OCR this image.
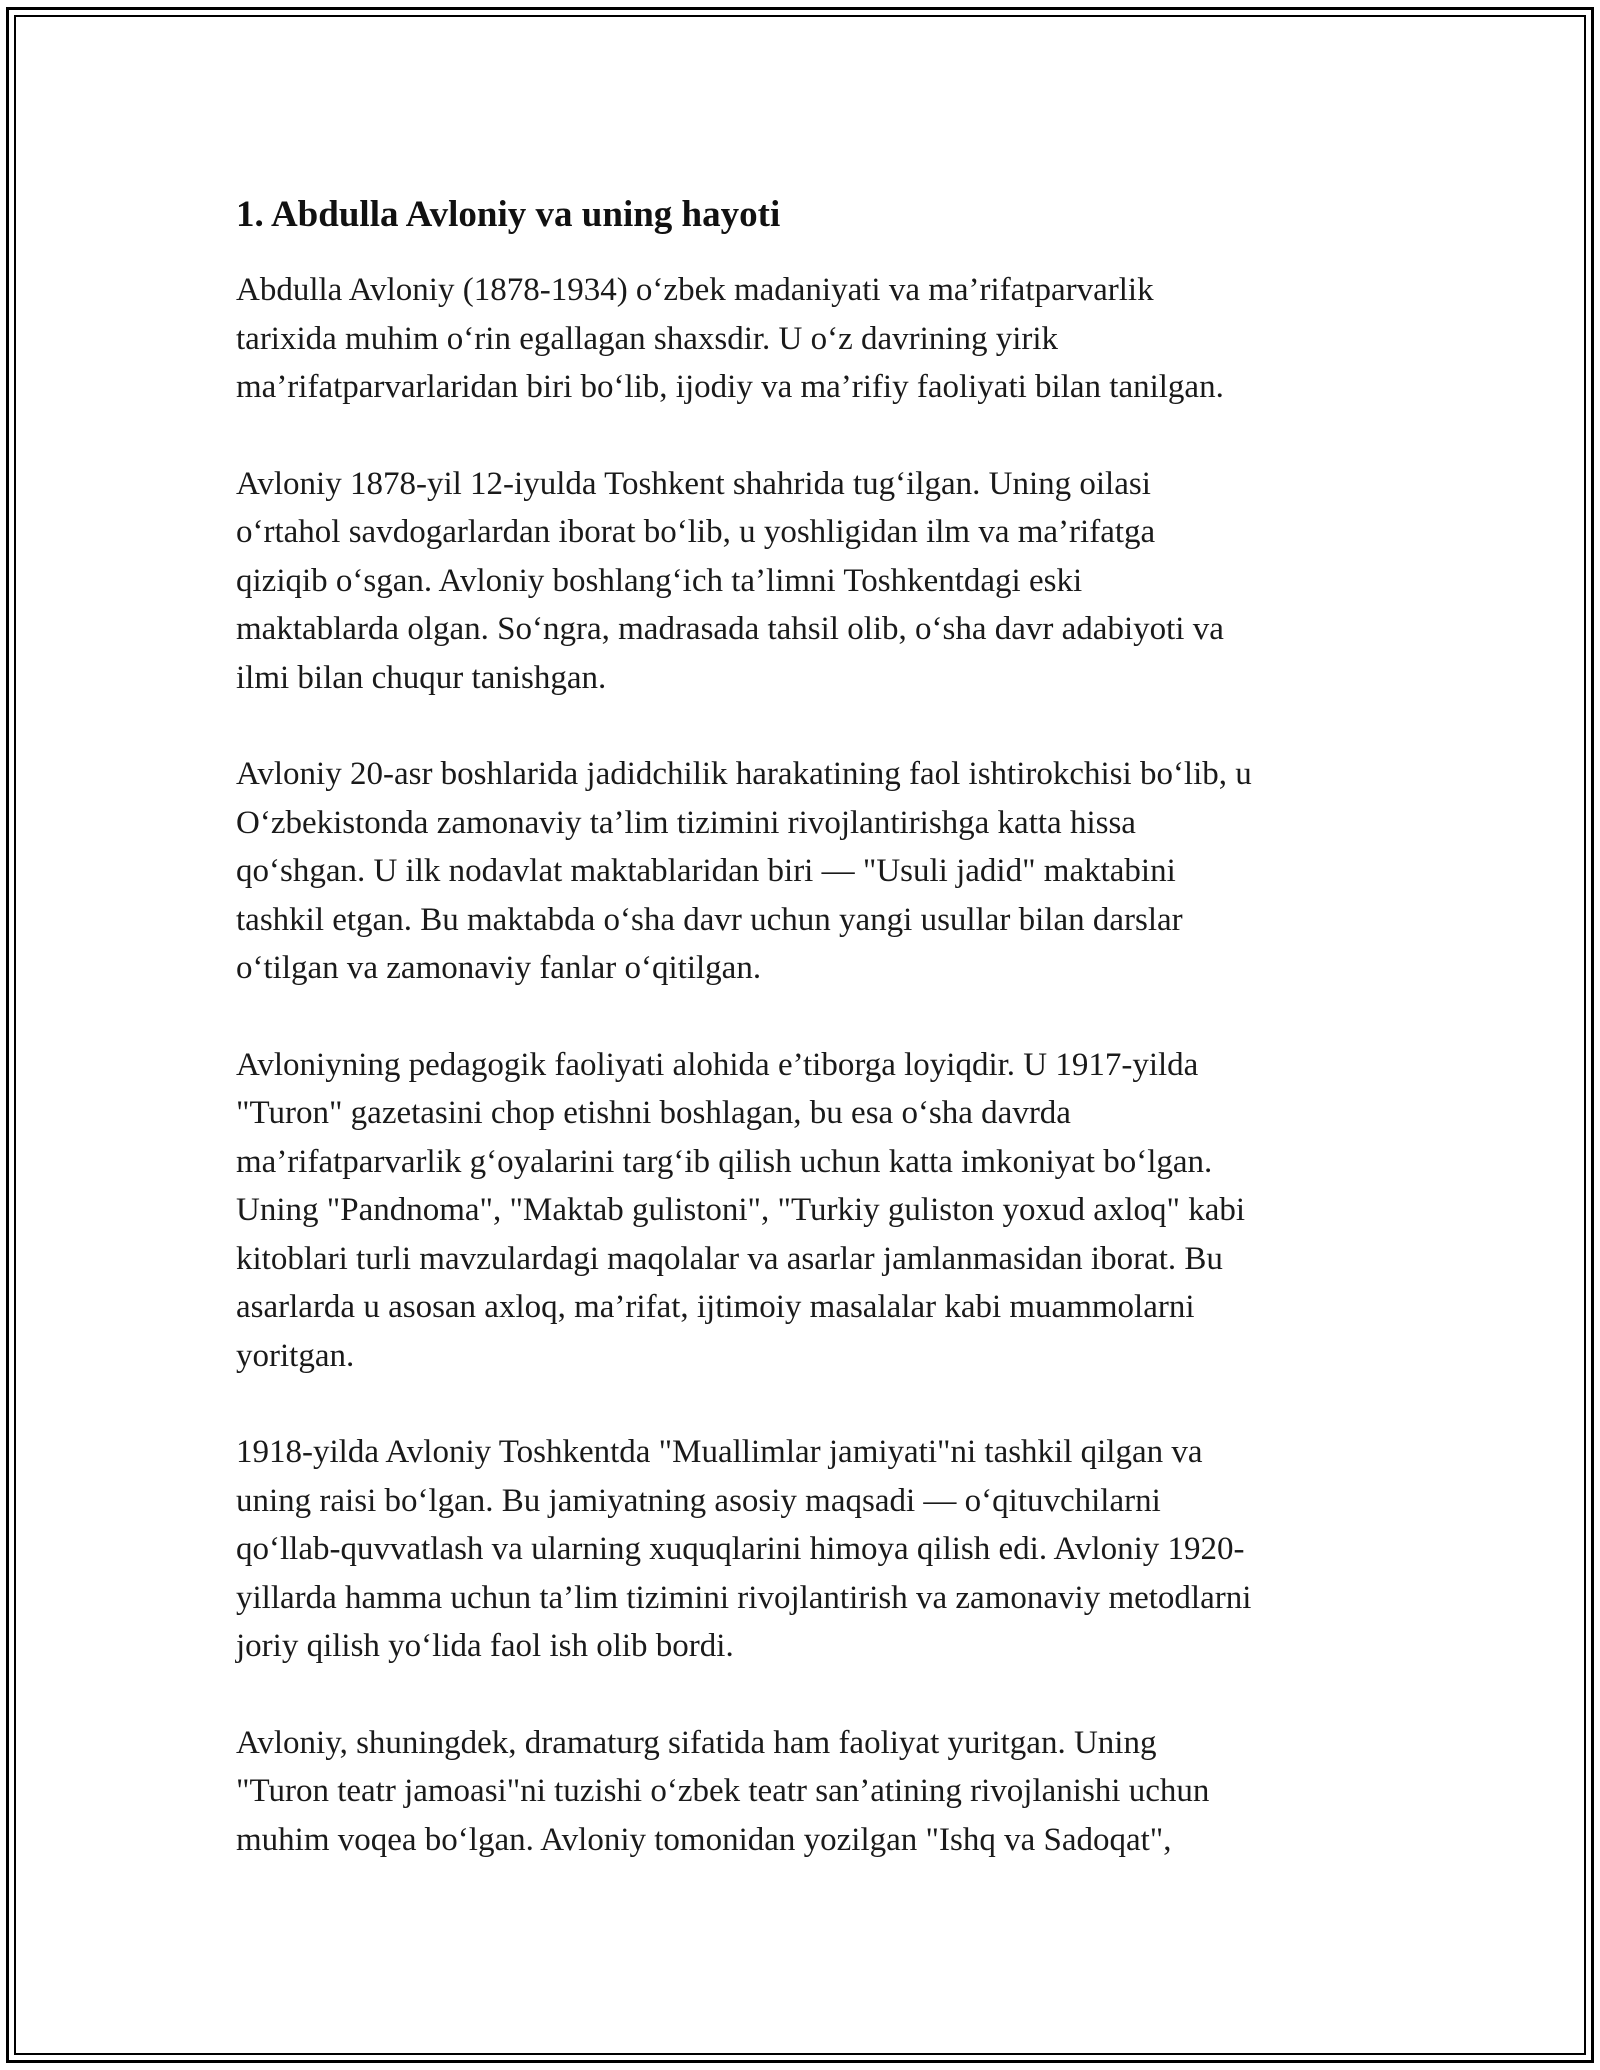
1. Abdulla Avloniy va uning hayoti

Abdulla Avloniy (1878-1934) o‘zbek madaniyati va ma’rifatparvarlik
tarixida muhim o‘rin egallagan shaxsdir. U o‘z davrining yirik
ma’rifatparvarlaridan biri bo‘lib, ijodiy va ma’rifiy faoliyati bilan tanilgan.

Avloniy 1878-yil 12-iyulda Toshkent shahrida tug‘ilgan. Uning oilasi
o‘rtahol savdogarlardan iborat bo‘lib, u yoshligidan ilm va ma’rifatga
qiziqib o‘sgan. Avloniy boshlang‘ich ta’limni Toshkentdagi eski
maktablarda olgan. So‘ngra, madrasada tahsil olib, o‘sha davr adabiyoti va
ilmi bilan chuqur tanishgan.

Avloniy 20-asr boshlarida jadidchilik harakatining faol ishtirokchisi bo‘lib, u
O‘zbekistonda zamonaviy ta’lim tizimini rivojlantirishga katta hissa
qo‘shgan. U ilk nodavlat maktablaridan biri — "Usuli jadid" maktabini
tashkil etgan. Bu maktabda o‘sha davr uchun yangi usullar bilan darslar
o‘tilgan va zamonaviy fanlar o‘qitilgan.

Avloniyning pedagogik faoliyati alohida e’tiborga loyiqdir. U 1917-yilda
"Turon" gazetasini chop etishni boshlagan, bu esa o‘sha davrda
ma’rifatparvarlik g‘oyalarini targ‘ib qilish uchun katta imkoniyat bo‘lgan.
Uning "Pandnoma", "Maktab gulistoni", "Turkiy guliston yoxud axloq" kabi
kitoblari turli mavzulardagi maqolalar va asarlar jamlanmasidan iborat. Bu
asarlarda u asosan axloq, ma’rifat, ijtimoiy masalalar kabi muammolarni
yoritgan.

1918-yilda Avloniy Toshkentda "Muallimlar jamiyati"ni tashkil qilgan va
uning raisi bo‘lgan. Bu jamiyatning asosiy maqsadi — o‘qituvchilarni
qo‘llab-quvvatlash va ularning xuquqlarini himoya qilish edi. Avloniy 1920-
yillarda hamma uchun ta’lim tizimini rivojlantirish va zamonaviy metodlarni
joriy qilish yo‘lida faol ish olib bordi.

Avloniy, shuningdek, dramaturg sifatida ham faoliyat yuritgan. Uning
"Turon teatr jamoasi"ni tuzishi o‘zbek teatr san’atining rivojlanishi uchun
muhim voqea bo‘lgan. Avloniy tomonidan yozilgan "Ishq va Sadoqat",
